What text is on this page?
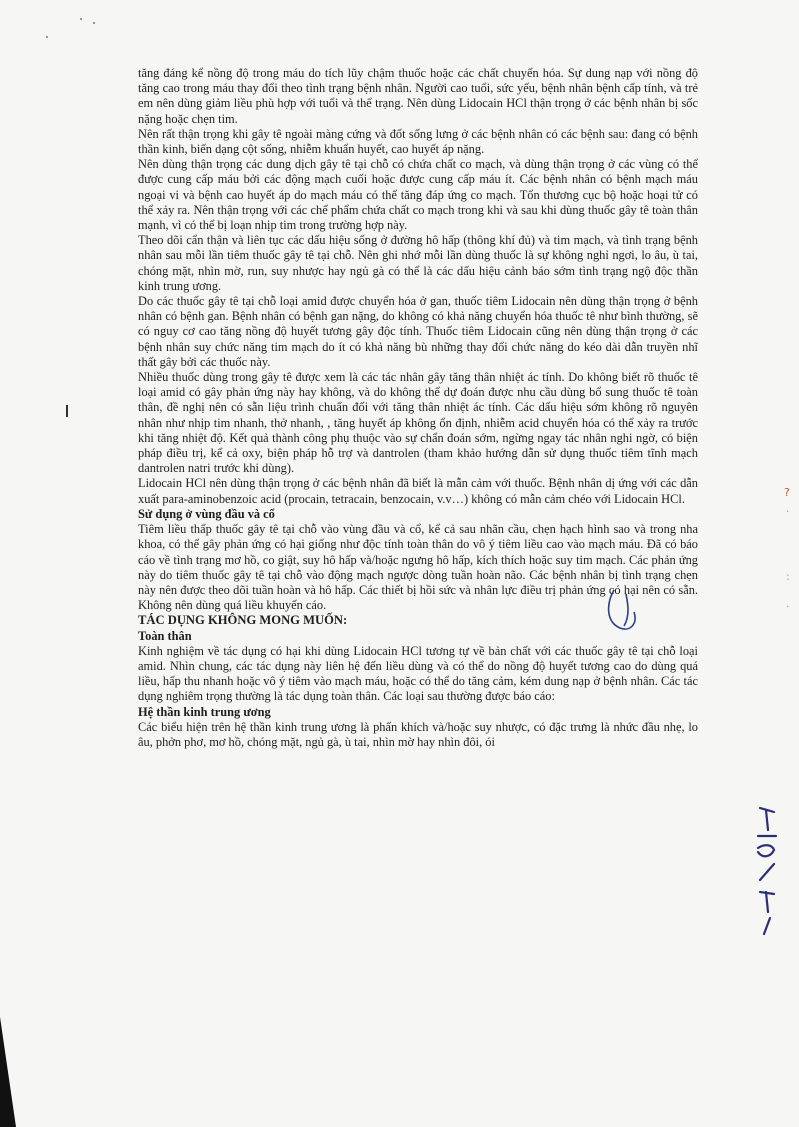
tăng đáng kể nồng độ trong máu do tích lũy chậm thuốc hoặc các chất chuyển hóa. Sự dung nạp với nồng độ tăng cao trong máu thay đổi theo tình trạng bệnh nhân. Người cao tuổi, sức yếu, bệnh nhân bệnh cấp tính, và trẻ em nên dùng giảm liều phù hợp với tuổi và thể trạng. Nên dùng Lidocain HCl thận trọng ở các bệnh nhân bị sốc nặng hoặc chẹn tim.

Nên rất thận trọng khi gây tê ngoài màng cứng và đốt sống lưng ở các bệnh nhân có các bệnh sau: đang có bệnh thần kinh, biến dạng cột sống, nhiễm khuẩn huyết, cao huyết áp nặng.

Nên dùng thận trọng các dung dịch gây tê tại chỗ có chứa chất co mạch, và dùng thận trọng ở các vùng có thể được cung cấp máu bởi các động mạch cuối hoặc được cung cấp máu ít. Các bệnh nhân có bệnh mạch máu ngoại vi và bệnh cao huyết áp do mạch máu có thể tăng đáp ứng co mạch. Tổn thương cục bộ hoặc hoại tử có thể xảy ra. Nên thận trọng với các chế phẩm chứa chất co mạch trong khi và sau khi dùng thuốc gây tê toàn thân mạnh, vì có thể bị loạn nhịp tim trong trường hợp này.

Theo dõi cẩn thận và liên tục các dấu hiệu sống ở đường hô hấp (thông khí đủ) và tim mạch, và tình trạng bệnh nhân sau mỗi lần tiêm thuốc gây tê tại chỗ. Nên ghi nhớ mỗi lần dùng thuốc là sự không nghỉ ngơi, lo âu, ù tai, chóng mặt, nhìn mờ, run, suy nhược hay ngủ gà có thể là các dấu hiệu cảnh báo sớm tình trạng ngộ độc thần kinh trung ương.

Do các thuốc gây tê tại chỗ loại amid được chuyển hóa ở gan, thuốc tiêm Lidocain nên dùng thận trọng ở bệnh nhân có bệnh gan. Bệnh nhân có bệnh gan nặng, do không có khả năng chuyển hóa thuốc tê như bình thường, sẽ có nguy cơ cao tăng nồng độ huyết tương gây độc tính. Thuốc tiêm Lidocain cũng nên dùng thận trọng ở các bệnh nhân suy chức năng tim mạch do ít có khả năng bù những thay đổi chức năng do kéo dài dẫn truyền nhĩ thất gây bởi các thuốc này.

Nhiều thuốc dùng trong gây tê được xem là các tác nhân gây tăng thân nhiệt ác tính. Do không biết rõ thuốc tê loại amid có gây phản ứng này hay không, và do không thể dự đoán được nhu cầu dùng bổ sung thuốc tê toàn thân, đề nghị nên có sẵn liệu trình chuẩn đối với tăng thân nhiệt ác tính. Các dấu hiệu sớm không rõ nguyên nhân như nhịp tim nhanh, thở nhanh, , tăng huyết áp không ổn định, nhiễm acid chuyển hóa có thể xảy ra trước khi tăng nhiệt độ. Kết quả thành công phụ thuộc vào sự chẩn đoán sớm, ngừng ngay tác nhân nghi ngờ, có biện pháp điều trị, kể cả oxy, biện pháp hỗ trợ và dantrolen (tham khảo hướng dẫn sử dụng thuốc tiêm tĩnh mạch dantrolen natri trước khi dùng).

Lidocain HCl nên dùng thận trọng ở các bệnh nhân đã biết là mẫn cảm với thuốc. Bệnh nhân dị ứng với các dẫn xuất para-aminobenzoic acid (procain, tetracain, benzocain, v.v…) không có mẫn cảm chéo với Lidocain HCl.

Sử dụng ở vùng đầu và cổ

Tiêm liều thấp thuốc gây tê tại chỗ vào vùng đầu và cổ, kể cả sau nhãn cầu, chẹn hạch hình sao và trong nha khoa, có thể gây phản ứng có hại giống như độc tính toàn thân do vô ý tiêm liều cao vào mạch máu. Đã có báo cáo về tình trạng mơ hồ, co giật, suy hô hấp và/hoặc ngưng hô hấp, kích thích hoặc suy tim mạch. Các phản ứng này do tiêm thuốc gây tê tại chỗ vào động mạch ngược dòng tuần hoàn não. Các bệnh nhân bị tình trạng chẹn này nên được theo dõi tuần hoàn và hô hấp. Các thiết bị hồi sức và nhân lực điều trị phản ứng có hại nên có sẵn. Không nên dùng quá liều khuyến cáo.

TÁC DỤNG KHÔNG MONG MUỐN:

Toàn thân

Kinh nghiệm về tác dụng có hại khi dùng Lidocain HCl tương tự về bản chất với các thuốc gây tê tại chỗ loại amid. Nhìn chung, các tác dụng này liên hệ đến liều dùng và có thể do nồng độ huyết tương cao do dùng quá liều, hấp thu nhanh hoặc vô ý tiêm vào mạch máu, hoặc có thể do tăng cảm, kém dung nạp ở bệnh nhân. Các tác dụng nghiêm trọng thường là tác dụng toàn thân. Các loại sau thường được báo cáo:

Hệ thần kinh trung ương

Các biểu hiện trên hệ thần kinh trung ương là phấn khích và/hoặc suy nhược, có đặc trưng là nhức đầu nhẹ, lo âu, phởn phơ, mơ hồ, chóng mặt, ngủ gà, ù tai, nhìn mờ hay nhìn đôi, ói

?
·
:
·
